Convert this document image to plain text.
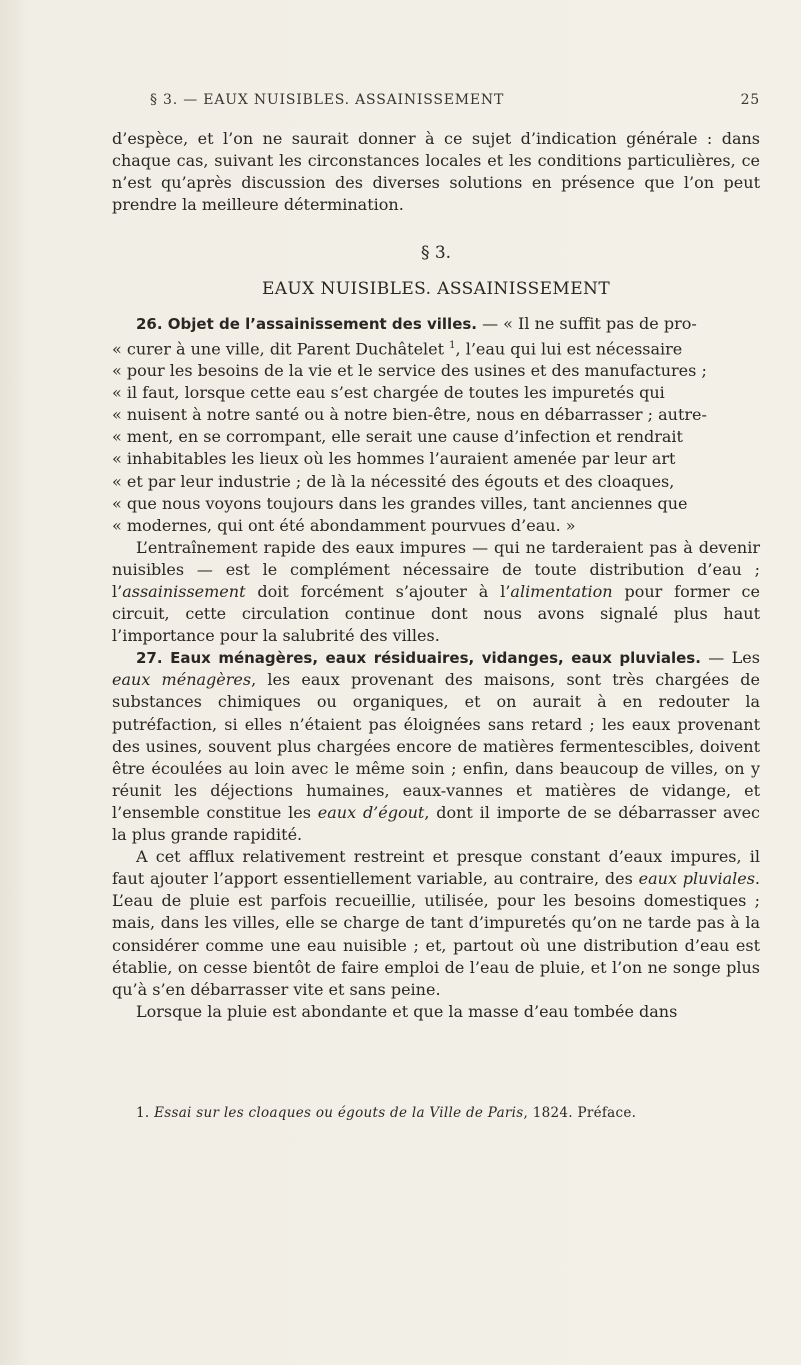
§ 3. — EAUX NUISIBLES. ASSAINISSEMENT	25

d’espèce, et l’on ne saurait donner à ce sujet d’indication générale : dans chaque cas, suivant les circonstances locales et les conditions particulières, ce n’est qu’après discussion des diverses solutions en présence que l’on peut prendre la meilleure détermination.

§ 3.

EAUX NUISIBLES. ASSAINISSEMENT

26. Objet de l’assainissement des villes. — « Il ne suffit pas de pro-
« curer à une ville, dit Parent Duchâtelet $^1$, l’eau qui lui est nécessaire
« pour les besoins de la vie et le service des usines et des manufactures ;
« il faut, lorsque cette eau s’est chargée de toutes les impuretés qui
« nuisent à notre santé ou à notre bien-être, nous en débarrasser ; autre-
« ment, en se corrompant, elle serait une cause d’infection et rendrait
« inhabitables les lieux où les hommes l’auraient amenée par leur art
« et par leur industrie ; de là la nécessité des égouts et des cloaques,
« que nous voyons toujours dans les grandes villes, tant anciennes que
« modernes, qui ont été abondamment pourvues d’eau. »

L’entraînement rapide des eaux impures — qui ne tarderaient pas à devenir nuisibles — est le complément nécessaire de toute distribution d’eau ; l’assainissement doit forcément s’ajouter à l’alimentation pour former ce circuit, cette circulation continue dont nous avons signalé plus haut l’importance pour la salubrité des villes.

27. Eaux ménagères, eaux résiduaires, vidanges, eaux pluviales. — Les eaux ménagères, les eaux provenant des maisons, sont très chargées de substances chimiques ou organiques, et on aurait à en redouter la putréfaction, si elles n’étaient pas éloignées sans retard ; les eaux provenant des usines, souvent plus chargées encore de matières fermentescibles, doivent être écoulées au loin avec le même soin ; enfin, dans beaucoup de villes, on y réunit les déjections humaines, eaux-vannes et matières de vidange, et l’ensemble constitue les eaux d’égout, dont il importe de se débarrasser avec la plus grande rapidité.

A cet afflux relativement restreint et presque constant d’eaux impures, il faut ajouter l’apport essentiellement variable, au contraire, des eaux pluviales. L’eau de pluie est parfois recueillie, utilisée, pour les besoins domestiques ; mais, dans les villes, elle se charge de tant d’impuretés qu’on ne tarde pas à la considérer comme une eau nuisible ; et, partout où une distribution d’eau est établie, on cesse bientôt de faire emploi de l’eau de pluie, et l’on ne songe plus qu’à s’en débarrasser vite et sans peine.

Lorsque la pluie est abondante et que la masse d’eau tombée dans

1. Essai sur les cloaques ou égouts de la Ville de Paris, 1824. Préface.
